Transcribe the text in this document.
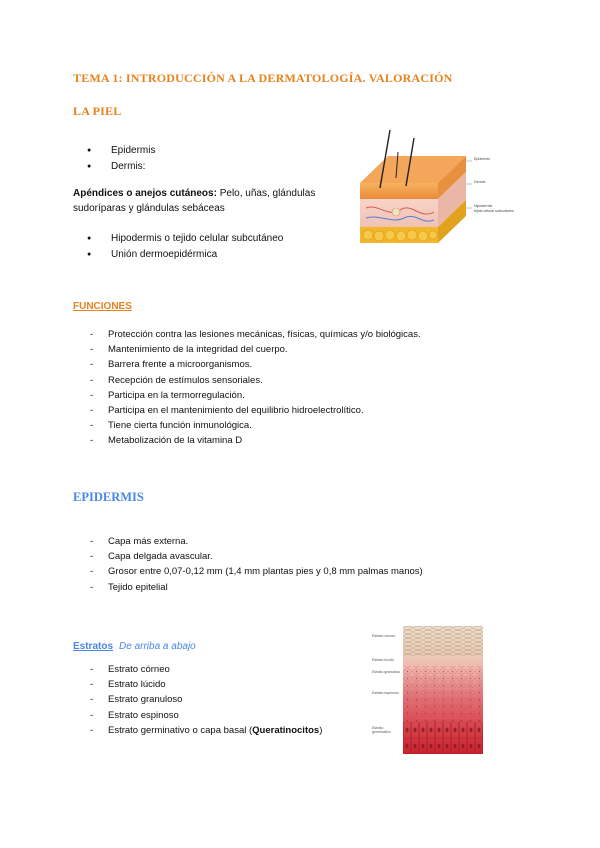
TEMA 1: INTRODUCCIÓN A LA DERMATOLOGÍA. VALORACIÓN
LA PIEL
● Epidermis
● Dermis:
Apéndices o anejos cutáneos: Pelo, uñas, glándulas
sudoríparas y glándulas sebáceas
● Hipodermis o tejido celular subcutáneo
● Unión dermoepidérmica
Epidermis
Dermis
Hipodermis
tejido celular subcutáneo
FUNCIONES
- Protección contra las lesiones mecánicas, físicas, químicas y/o biológicas.
- Mantenimiento de la integridad del cuerpo.
- Barrera frente a microorganismos.
- Recepción de estímulos sensoriales.
- Participa en la termorregulación.
- Participa en el mantenimiento del equilibrio hidroelectrolítico.
- Tiene cierta función inmunológica.
- Metabolización de la vitamina D
EPIDERMIS
- Capa más externa.
- Capa delgada avascular.
- Grosor entre 0,07-0,12 mm (1,4 mm plantas pies y 0,8 mm palmas manos)
- Tejido epitelial
Estratos De arriba a abajo
- Estrato córneo
- Estrato lúcido
- Estrato granuloso
- Estrato espinoso
- Estrato germinativo o capa basal (Queratinocitos)
Estrato córneo
Estrato lúcido
Estrato granuloso
Estrato espinoso
Estrato germinativo
